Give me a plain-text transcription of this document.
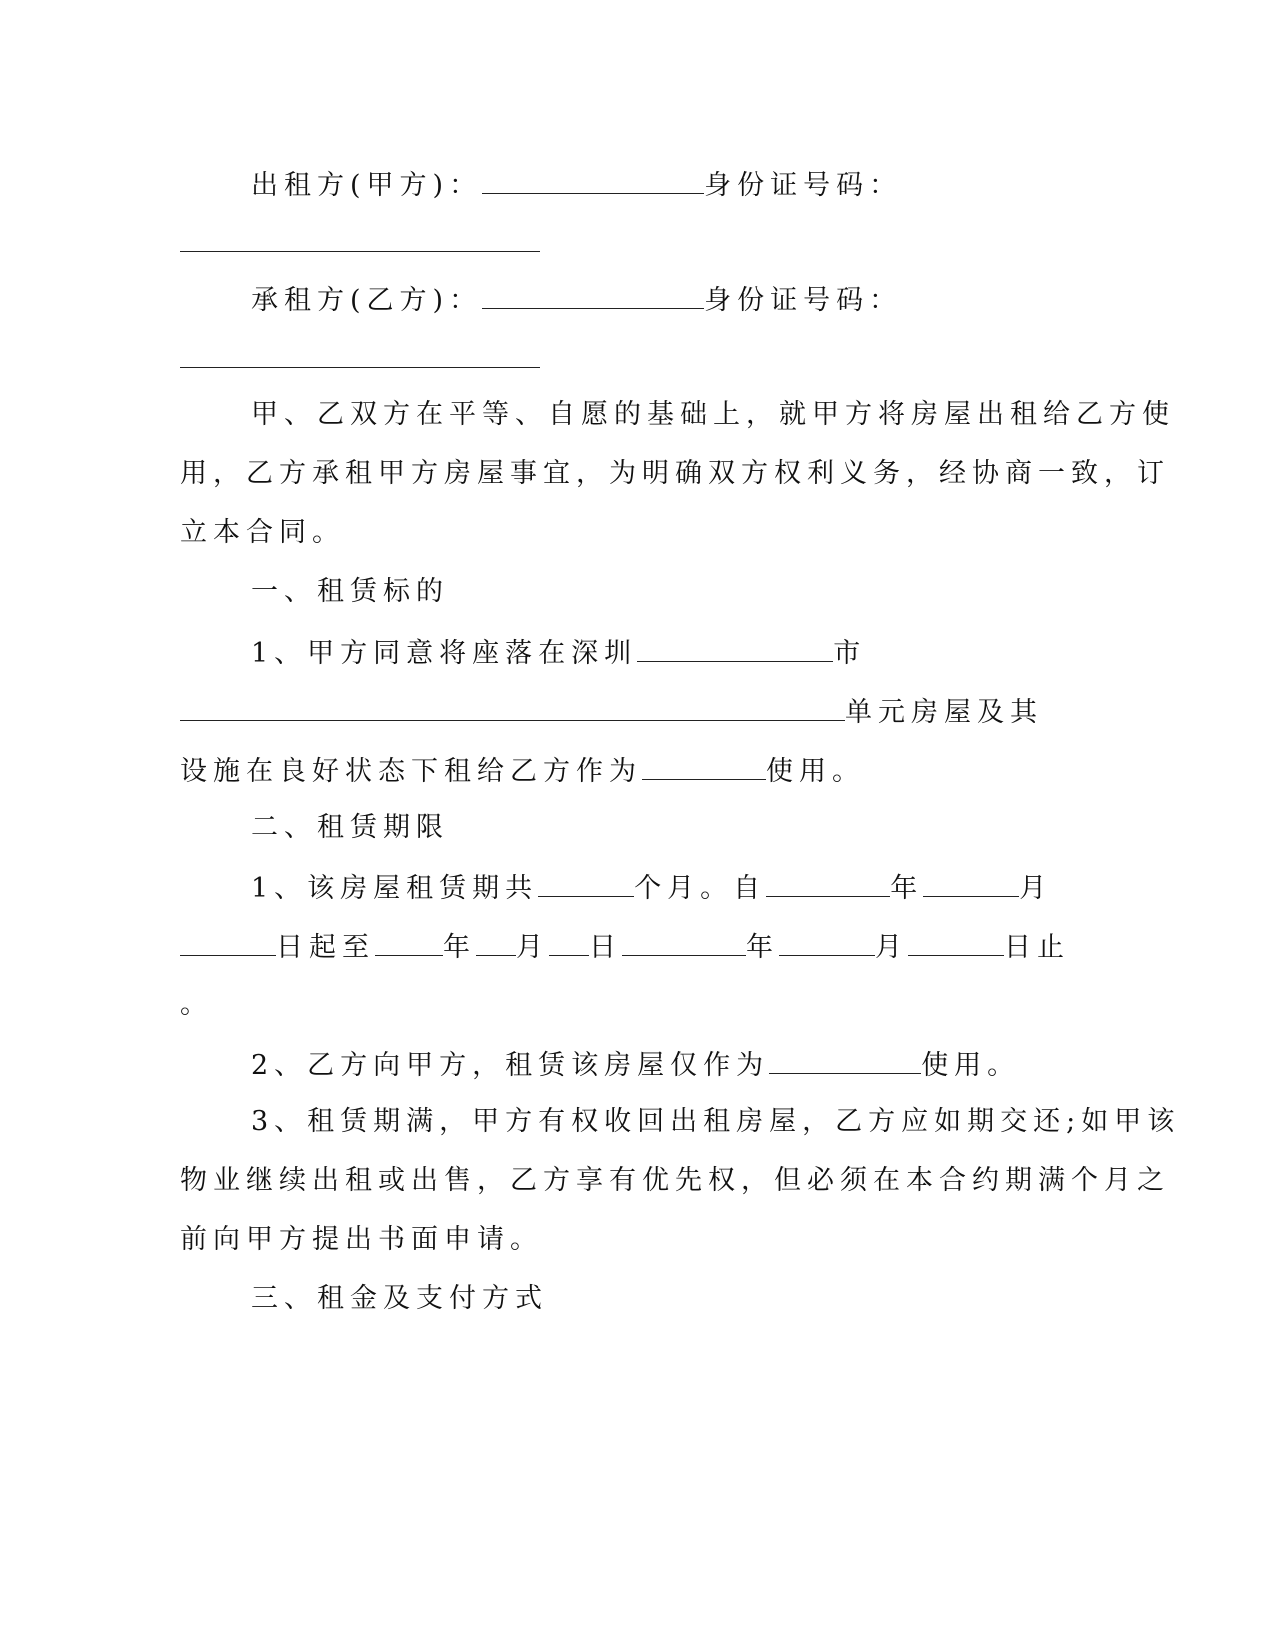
出租方(甲方)：	身份证号码：
承租方(乙方)：	身份证号码：
甲、乙双方在平等、自愿的基础上，就甲方将房屋出租给乙方使
用，乙方承租甲方房屋事宜，为明确双方权利义务，经协商一致，订
立本合同。
一、租赁标的
1、甲方同意将座落在深圳	市
单元房屋及其
设施在良好状态下租给乙方作为	使用。
二、租赁期限
1、该房屋租赁期共	个月。自	年	月
日起至	年 月 日	年	月	日止
。
2、乙方向甲方，租赁该房屋仅作为	使用。
3、租赁期满，甲方有权收回出租房屋，乙方应如期交还;如甲该
物业继续出租或出售，乙方享有优先权，但必须在本合约期满个月之
前向甲方提出书面申请。
三、租金及支付方式
